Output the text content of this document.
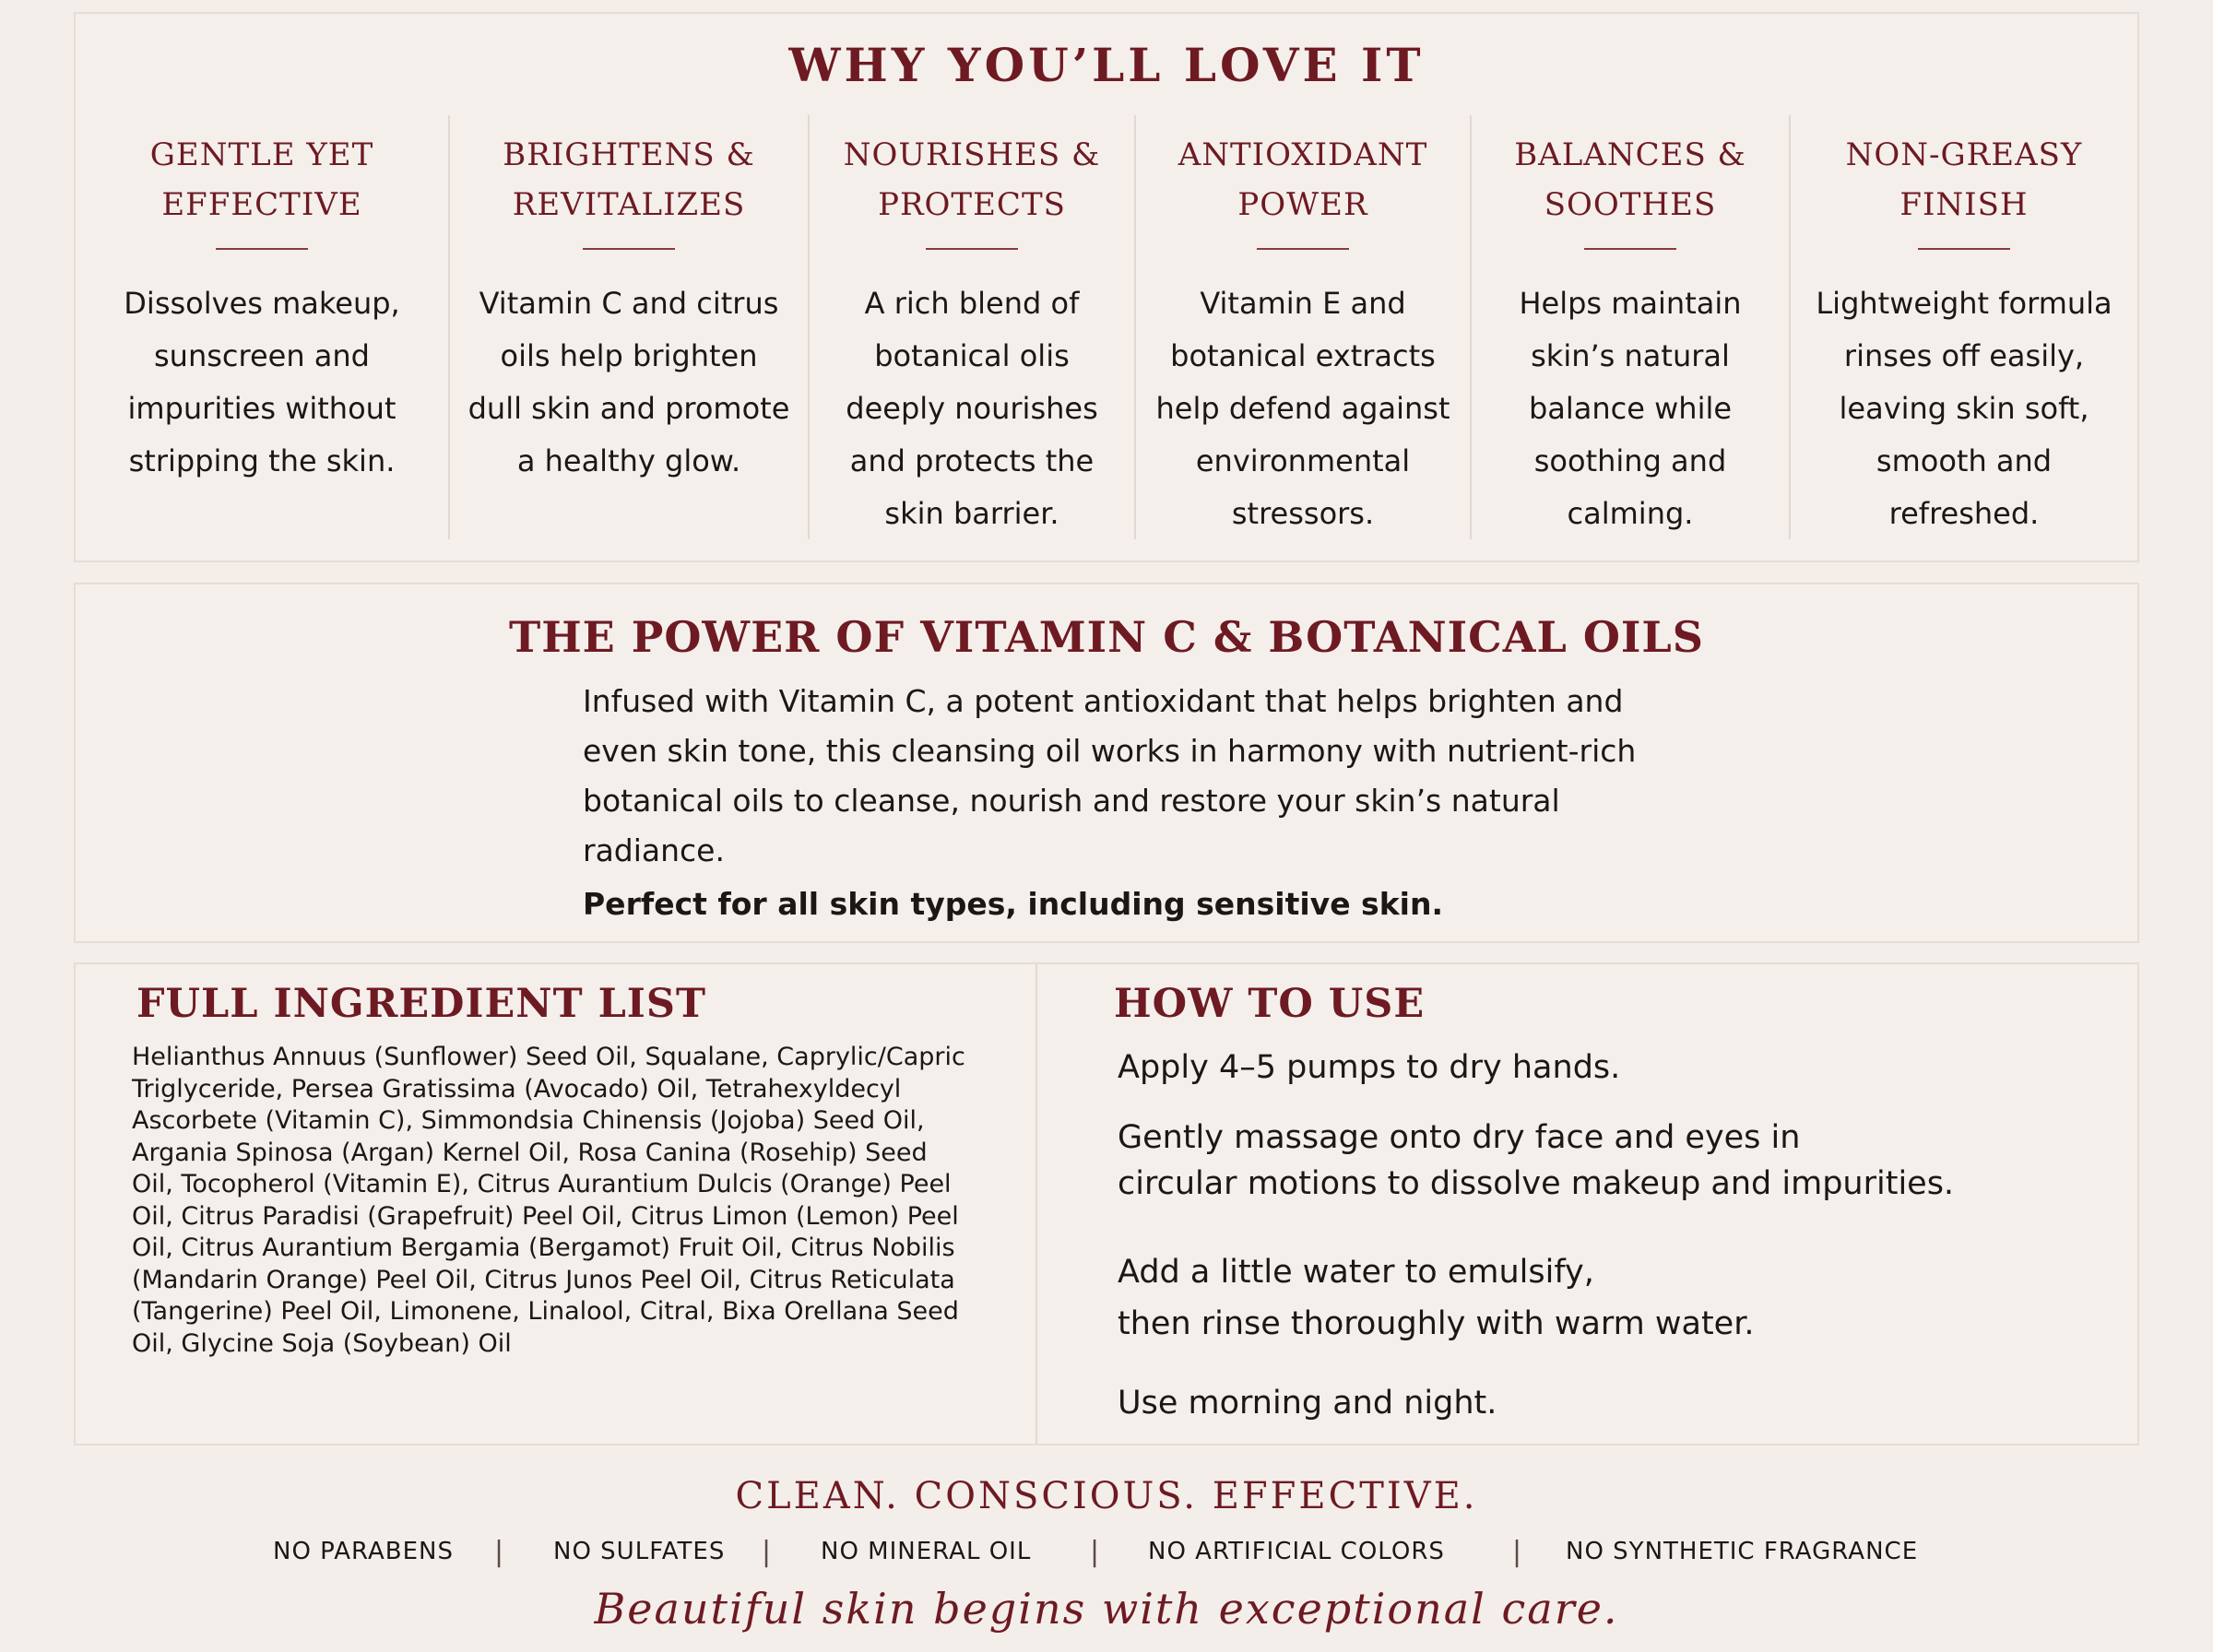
WHY YOU’LL LOVE IT
GENTLE YET
EFFECTIVE
Dissolves makeup,
sunscreen and
impurities without
stripping the skin.
BRIGHTENS &
REVITALIZES
Vitamin C and citrus
oils help brighten
dull skin and promote
a healthy glow.
NOURISHES &
PROTECTS
A rich blend of
botanical olis
deeply nourishes
and protects the
skin barrier.
ANTIOXIDANT
POWER
Vitamin E and
botanical extracts
help defend against
environmental
stressors.
BALANCES &
SOOTHES
Helps maintain
skin’s natural
balance while
soothing and
calming.
NON-GREASY
FINISH
Lightweight formula
rinses off easily,
leaving skin soft,
smooth and
refreshed.
THE POWER OF VITAMIN C & BOTANICAL OILS

Infused with Vitamin C, a potent antioxidant that helps brighten and even skin tone, this cleansing oil works in harmony with nutrient-rich botanical oils to cleanse, nourish and restore your skin’s natural radiance.

Perfect for all skin types, including sensitive skin.

FULL INGREDIENT LIST

Helianthus Annuus (Sunflower) Seed Oil, Squalane, Caprylic/Capric Triglyceride, Persea Gratissima (Avocado) Oil, Tetrahexyldecyl Ascorbete (Vitamin C), Simmondsia Chinensis (Jojoba) Seed Oil, Argania Spinosa (Argan) Kernel Oil, Rosa Canina (Rosehip) Seed Oil, Tocopherol (Vitamin E), Citrus Aurantium Dulcis (Orange) Peel Oil, Citrus Paradisi (Grapefruit) Peel Oil, Citrus Limon (Lemon) Peel Oil, Citrus Aurantium Bergamia (Bergamot) Fruit Oil, Citrus Nobilis (Mandarin Orange) Peel Oil, Citrus Junos Peel Oil, Citrus Reticulata (Tangerine) Peel Oil, Limonene, Linalool, Citral, Bixa Orellana Seed Oil, Glycine Soja (Soybean) Oil

HOW TO USE

Apply 4–5 pumps to dry hands.

Gently massage onto dry face and eyes in
circular motions to dissolve makeup and impurities.

Add a little water to emulsify,
then rinse thoroughly with warm water.

Use morning and night.

CLEAN. CONSCIOUS. EFFECTIVE.
NO PARABENS | NO SULFATES | NO MINERAL OIL | NO ARTIFICIAL COLORS | NO SYNTHETIC FRAGRANCE
Beautiful skin begins with exceptional care.
